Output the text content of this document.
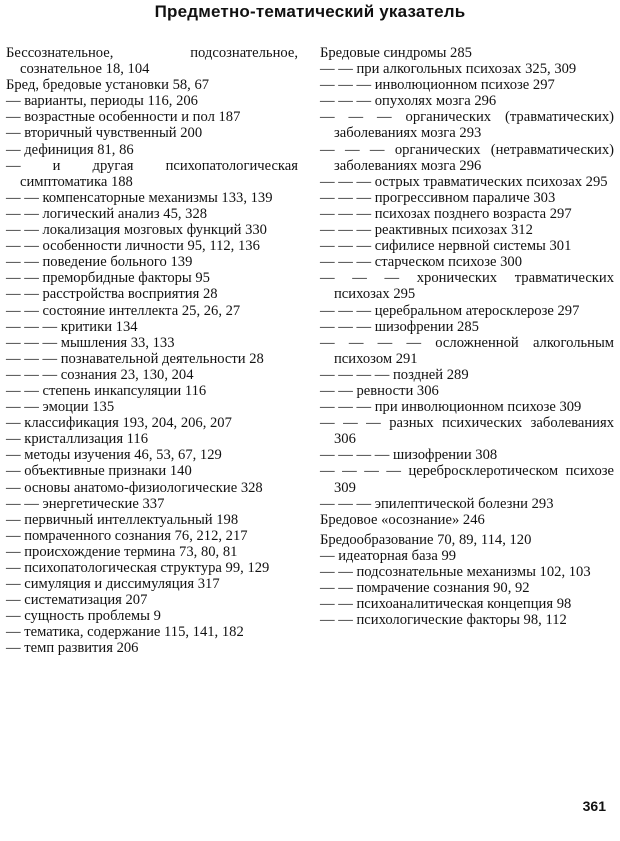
Предметно-тематический указатель

Бессознательное, подсознательное, сознательное 18, 104

Бред, бредовые установки 58, 67

— варианты, периоды 116, 206

— возрастные особенности и пол 187

— вторичный чувственный 200

— дефиниция 81, 86

— и другая психопатологическая симптоматика 188

— — компенсаторные механизмы 133, 139

— — логический анализ 45, 328

— — локализация мозговых функций 330

— — особенности личности 95, 112, 136

— — поведение больного 139

— — преморбидные факторы 95

— — расстройства восприятия 28

— — состояние интеллекта 25, 26, 27

— — — критики 134

— — — мышления 33, 133

— — — познавательной деятельности 28

— — — сознания 23, 130, 204

— — степень инкапсуляции 116

— — эмоции 135

— классификация 193, 204, 206, 207

— кристаллизация 116

— методы изучения 46, 53, 67, 129

— объективные признаки 140

— основы анатомо-физиологические 328

— — энергетические 337

— первичный интеллектуальный 198

— помраченного сознания 76, 212, 217

— происхождение термина 73, 80, 81

— психопатологическая структура 99, 129

— симуляция и диссимуляция 317

— систематизация 207

— сущность проблемы 9

— тематика, содержание 115, 141, 182

— темп развития 206

Бредовые синдромы 285

— — при алкогольных психозах 325, 309

— — — инволюционном психозе 297

— — — опухолях мозга 296

— — — органических (травматических) заболеваниях мозга 293

— — — органических (нетравматических) заболеваниях мозга 296

— — — острых травматических психозах 295

— — — прогрессивном параличе 303

— — — психозах позднего возраста 297

— — — реактивных психозах 312

— — — сифилисе нервной системы 301

— — — старческом психозе 300

— — — хронических травматических психозах 295

— — — церебральном атеросклерозе 297

— — — шизофрении 285

— — — — осложненной алкогольным психозом 291

— — — — поздней 289

— — ревности 306

— — — при инволюционном психозе 309

— — — разных психических заболеваниях 306

— — — — шизофрении 308

— — — — церебросклеротическом психозе 309

— — — эпилептической болезни 293

Бредовое «осознание» 246

Бредообразование 70, 89, 114, 120

— идеаторная база 99

— — подсознательные механизмы 102, 103

— — помрачение сознания 90, 92

— — психоаналитическая концепция 98

— — психологические факторы 98, 112

361
